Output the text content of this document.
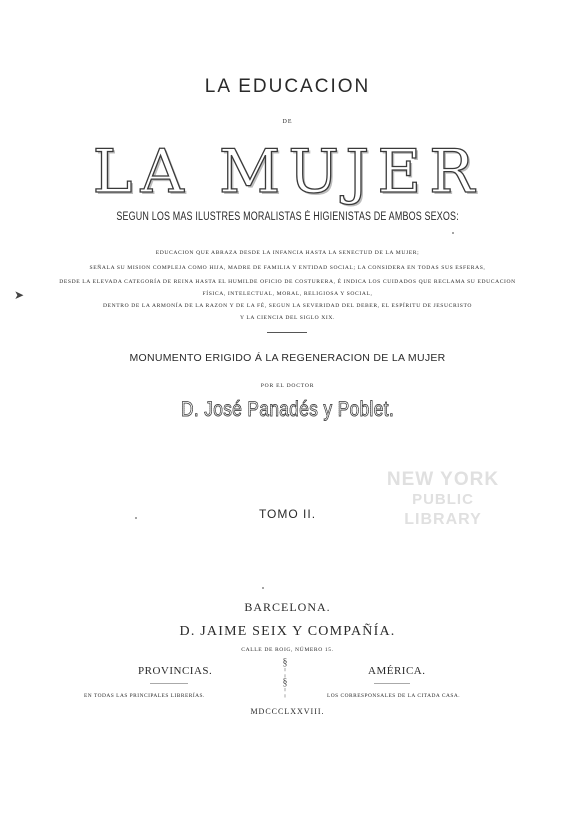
LA EDUCACION
DE
LA MUJER
SEGUN LOS MAS ILUSTRES MORALISTAS É HIGIENISTAS DE AMBOS SEXOS:
EDUCACION QUE ABRAZA DESDE LA INFANCIA HASTA LA SENECTUD DE LA MUJER;
SEÑALA SU MISION COMPLEJA COMO HIJA, MADRE DE FAMILIA Y ENTIDAD SOCIAL; LA CONSIDERA EN TODAS SUS ESFERAS,
DESDE LA ELEVADA CATEGORÍA DE REINA HASTA EL HUMILDE OFICIO DE COSTURERA, É INDICA LOS CUIDADOS QUE RECLAMA SU EDUCACION
FÍSICA, INTELECTUAL, MORAL, RELIGIOSA Y SOCIAL,
DENTRO DE LA ARMONÍA DE LA RAZON Y DE LA FÉ, SEGUN LA SEVERIDAD DEL DEBER, EL ESPÍRITU DE JESUCRISTO
Y LA CIENCIA DEL SIGLO XIX.
MONUMENTO ERIGIDO Á LA REGENERACION DE LA MUJER
POR EL DOCTOR
D. José Panadés y Poblet.
TOMO II.
BARCELONA.
D. JAIME SEIX Y COMPAÑÍA.
CALLE DE ROIG, NÚMERO 15.
PROVINCIAS.
EN TODAS LAS PRINCIPALES LIBRERÍAS.
§
¦
§
¦
AMÉRICA.
LOS CORRESPONSALES DE LA CITADA CASA.
MDCCCLXXVIII.
NEW YORK
PUBLIC
LIBRARY
➤
